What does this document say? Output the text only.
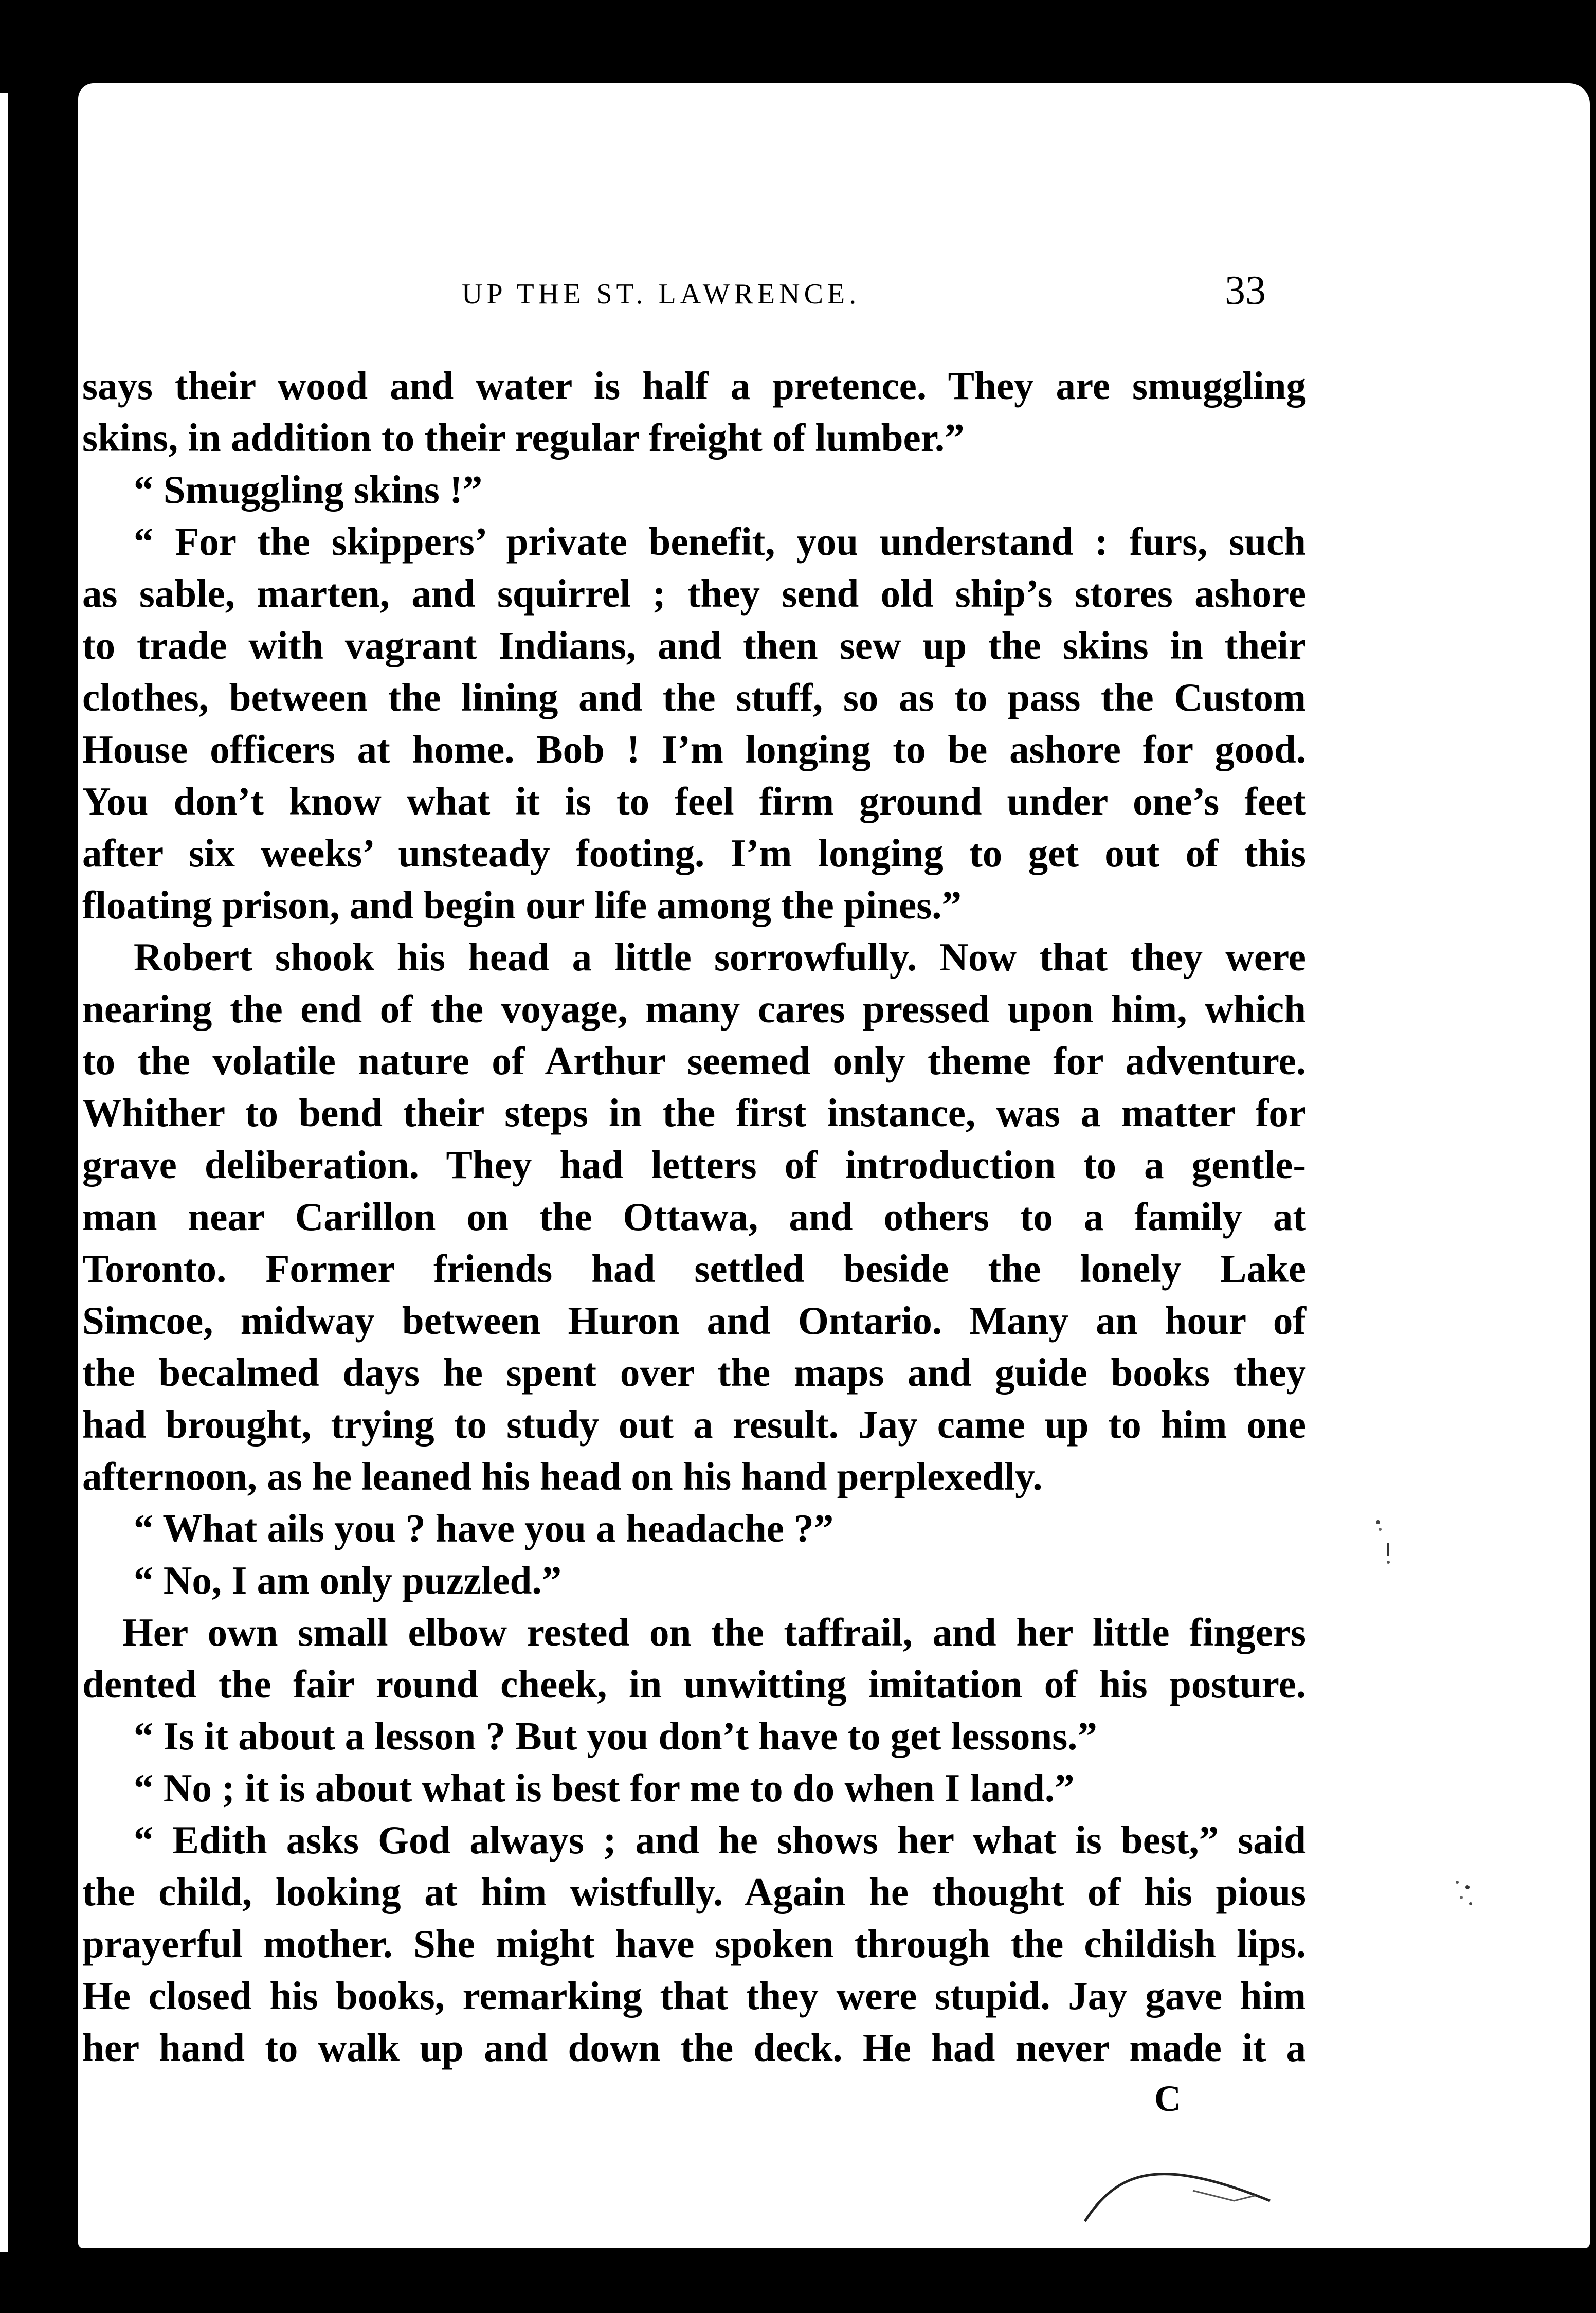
UP THE ST. LAWRENCE.	33
says their wood and water is half a pretence. They are smuggling
skins, in addition to their regular freight of lumber.”
“ Smuggling skins !”
“ For the skippers’ private benefit, you understand : furs, such
as sable, marten, and squirrel ; they send old ship’s stores ashore
to trade with vagrant Indians, and then sew up the skins in their
clothes, between the lining and the stuff, so as to pass the Custom
House officers at home. Bob ! I’m longing to be ashore for good.
You don’t know what it is to feel firm ground under one’s feet
after six weeks’ unsteady footing. I’m longing to get out of this
floating prison, and begin our life among the pines.”
Robert shook his head a little sorrowfully. Now that they were
nearing the end of the voyage, many cares pressed upon him, which
to the volatile nature of Arthur seemed only theme for adventure.
Whither to bend their steps in the first instance, was a matter for
grave deliberation. They had letters of introduction to a gentle-
man near Carillon on the Ottawa, and others to a family at
Toronto. Former friends had settled beside the lonely Lake
Simcoe, midway between Huron and Ontario. Many an hour of
the becalmed days he spent over the maps and guide books they
had brought, trying to study out a result. Jay came up to him one
afternoon, as he leaned his head on his hand perplexedly.
“ What ails you ? have you a headache ?”
“ No, I am only puzzled.”
Her own small elbow rested on the taffrail, and her little fingers
dented the fair round cheek, in unwitting imitation of his posture.
“ Is it about a lesson ? But you don’t have to get lessons.”
“ No ; it is about what is best for me to do when I land.”
“ Edith asks God always ; and he shows her what is best,” said
the child, looking at him wistfully. Again he thought of his pious
prayerful mother. She might have spoken through the childish lips.
He closed his books, remarking that they were stupid. Jay gave him
her hand to walk up and down the deck. He had never made it a
C
